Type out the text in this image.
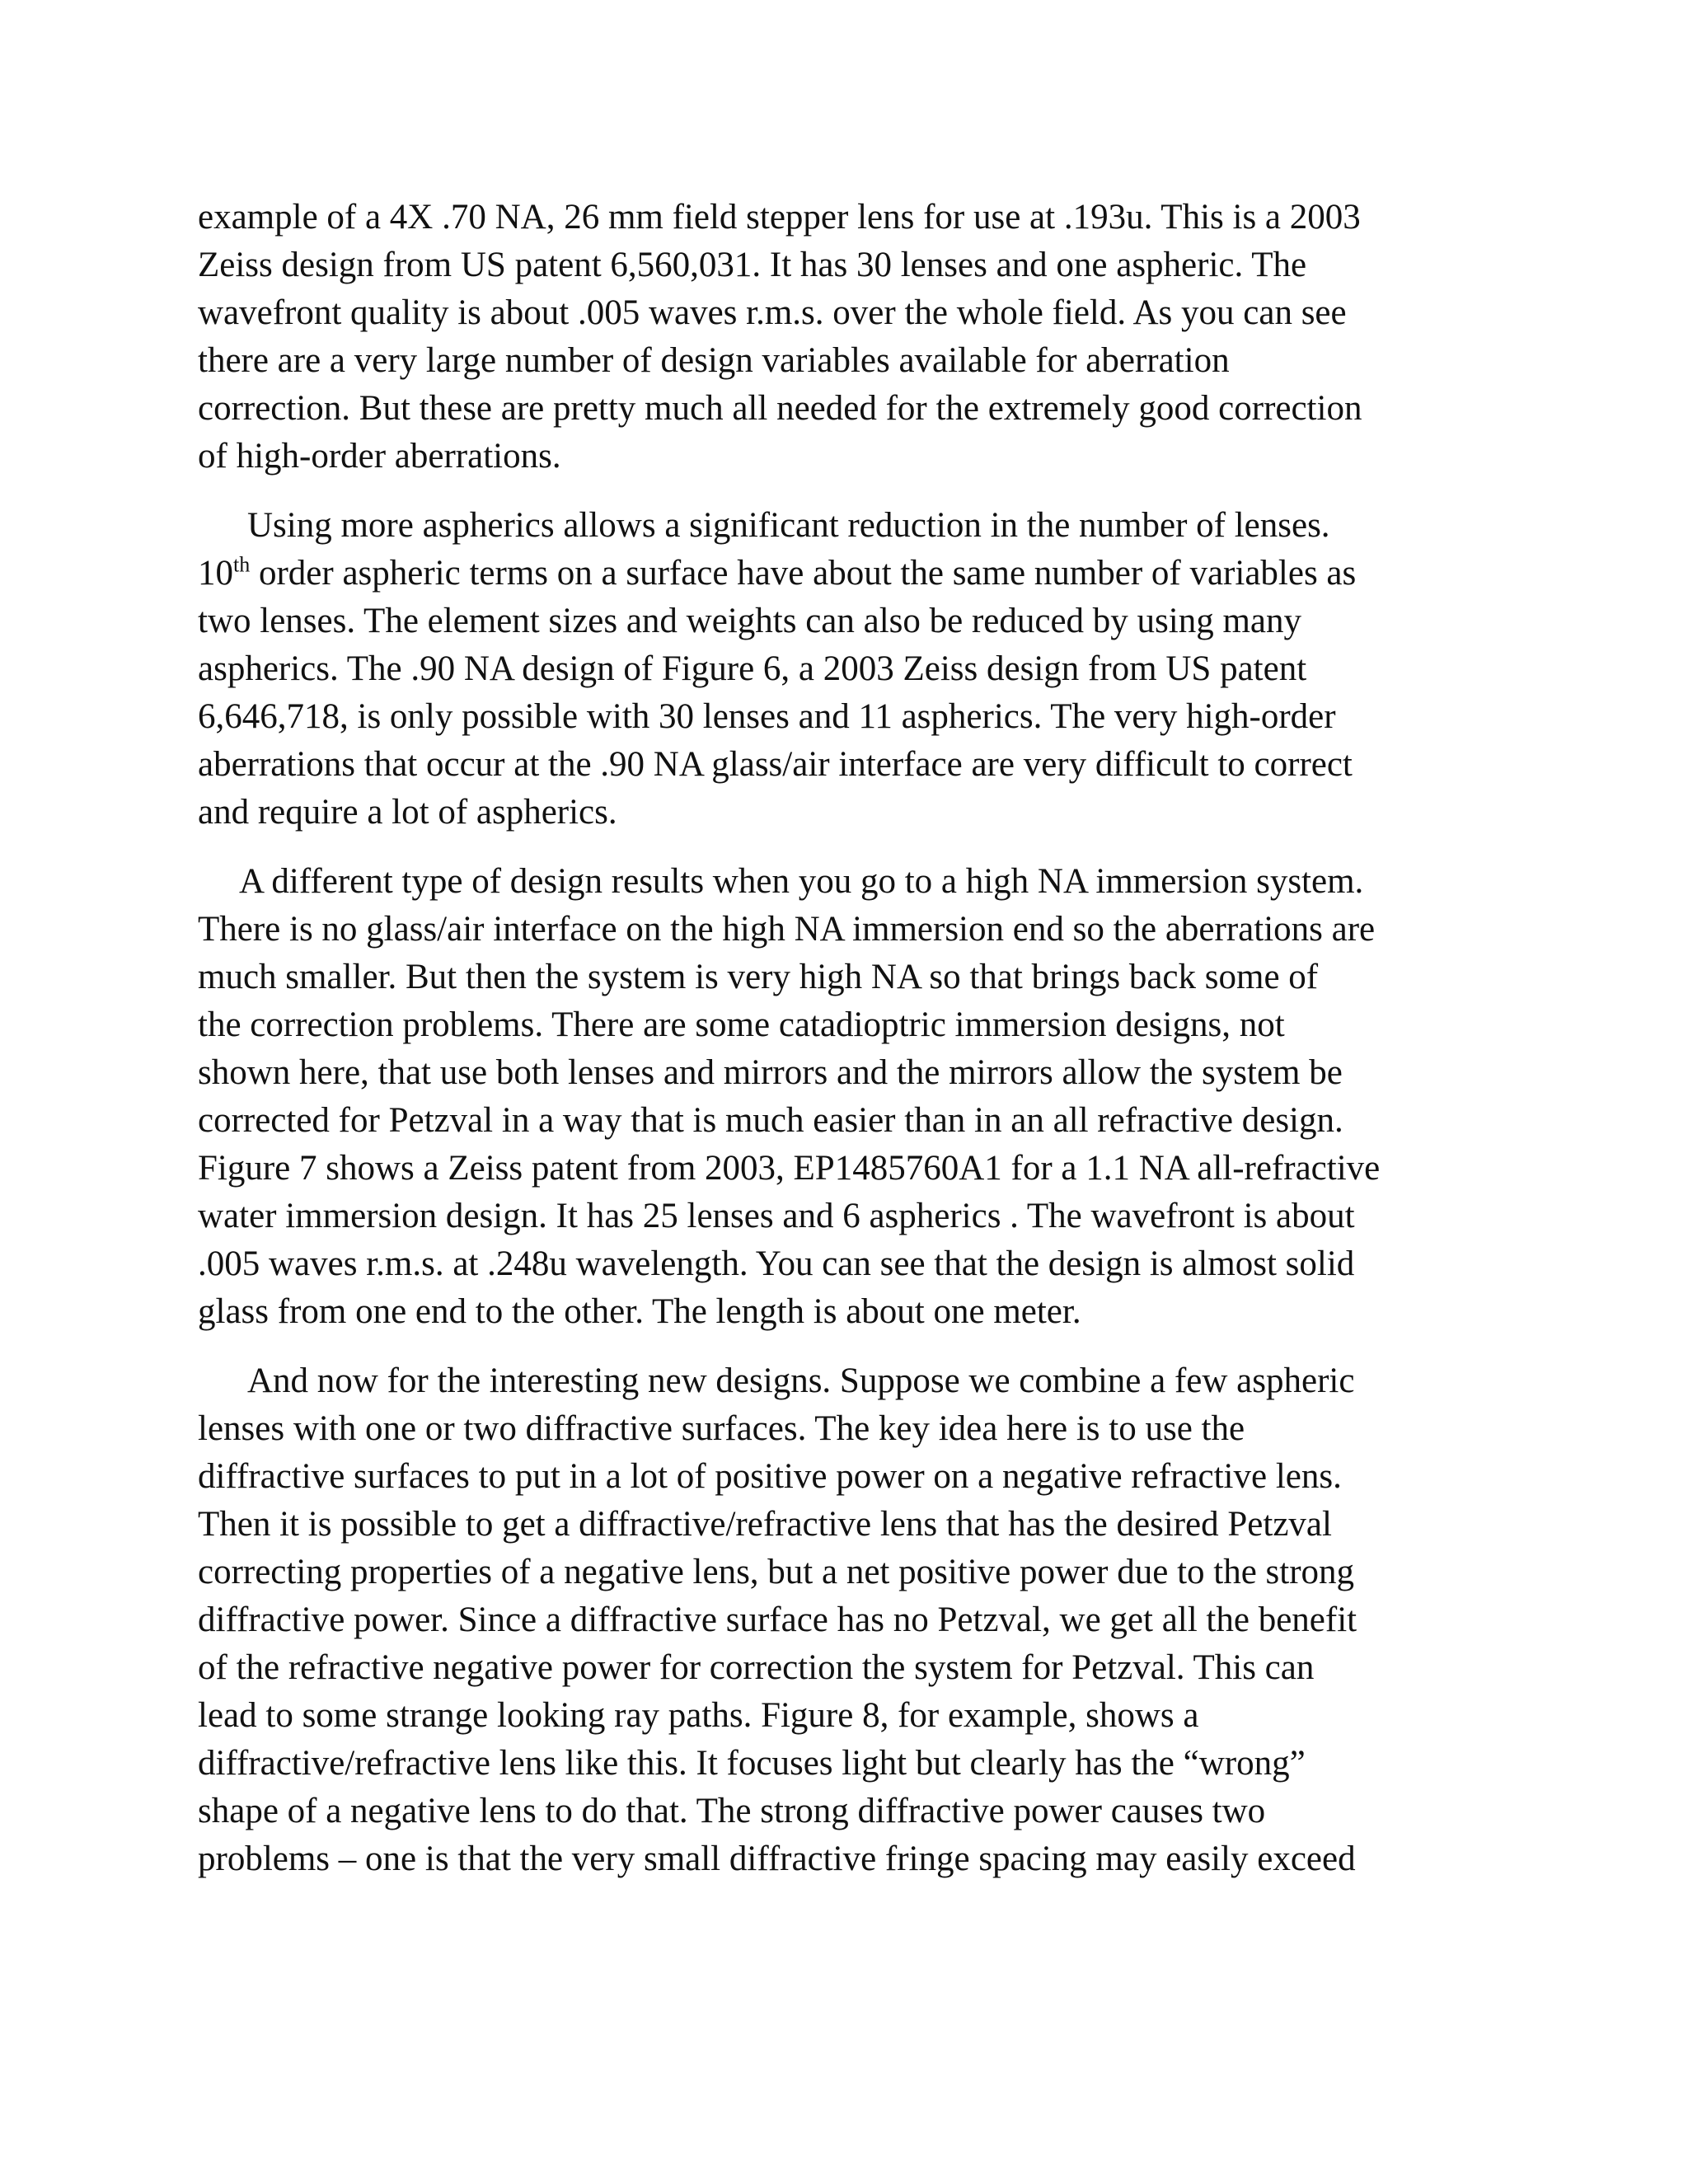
example of a 4X .70 NA, 26 mm field stepper lens for use at .193u. This is a 2003
Zeiss design from US patent 6,560,031. It has 30 lenses and one aspheric. The
wavefront quality is about .005 waves r.m.s. over the whole field. As you can see
there are a very large number of design variables available for aberration
correction. But these are pretty much all needed for the extremely good correction
of high-order aberrations.

Using more aspherics allows a significant reduction in the number of lenses.
10th order aspheric terms on a surface have about the same number of variables as
two lenses. The element sizes and weights can also be reduced by using many
aspherics. The .90 NA design of Figure 6, a 2003 Zeiss design from US patent
6,646,718, is only possible with 30 lenses and 11 aspherics. The very high-order
aberrations that occur at the .90 NA glass/air interface are very difficult to correct
and require a lot of aspherics.

A different type of design results when you go to a high NA immersion system.
There is no glass/air interface on the high NA immersion end so the aberrations are
much smaller. But then the system is very high NA so that brings back some of
the correction problems. There are some catadioptric immersion designs, not
shown here, that use both lenses and mirrors and the mirrors allow the system be
corrected for Petzval in a way that is much easier than in an all refractive design.
Figure 7 shows a Zeiss patent from 2003, EP1485760A1 for a 1.1 NA all-refractive
water immersion design. It has 25 lenses and 6 aspherics . The wavefront is about
.005 waves r.m.s. at .248u wavelength. You can see that the design is almost solid
glass from one end to the other. The length is about one meter.

And now for the interesting new designs. Suppose we combine a few aspheric
lenses with one or two diffractive surfaces. The key idea here is to use the
diffractive surfaces to put in a lot of positive power on a negative refractive lens.
Then it is possible to get a diffractive/refractive lens that has the desired Petzval
correcting properties of a negative lens, but a net positive power due to the strong
diffractive power. Since a diffractive surface has no Petzval, we get all the benefit
of the refractive negative power for correction the system for Petzval. This can
lead to some strange looking ray paths. Figure 8, for example, shows a
diffractive/refractive lens like this. It focuses light but clearly has the “wrong”
shape of a negative lens to do that. The strong diffractive power causes two
problems – one is that the very small diffractive fringe spacing may easily exceed
